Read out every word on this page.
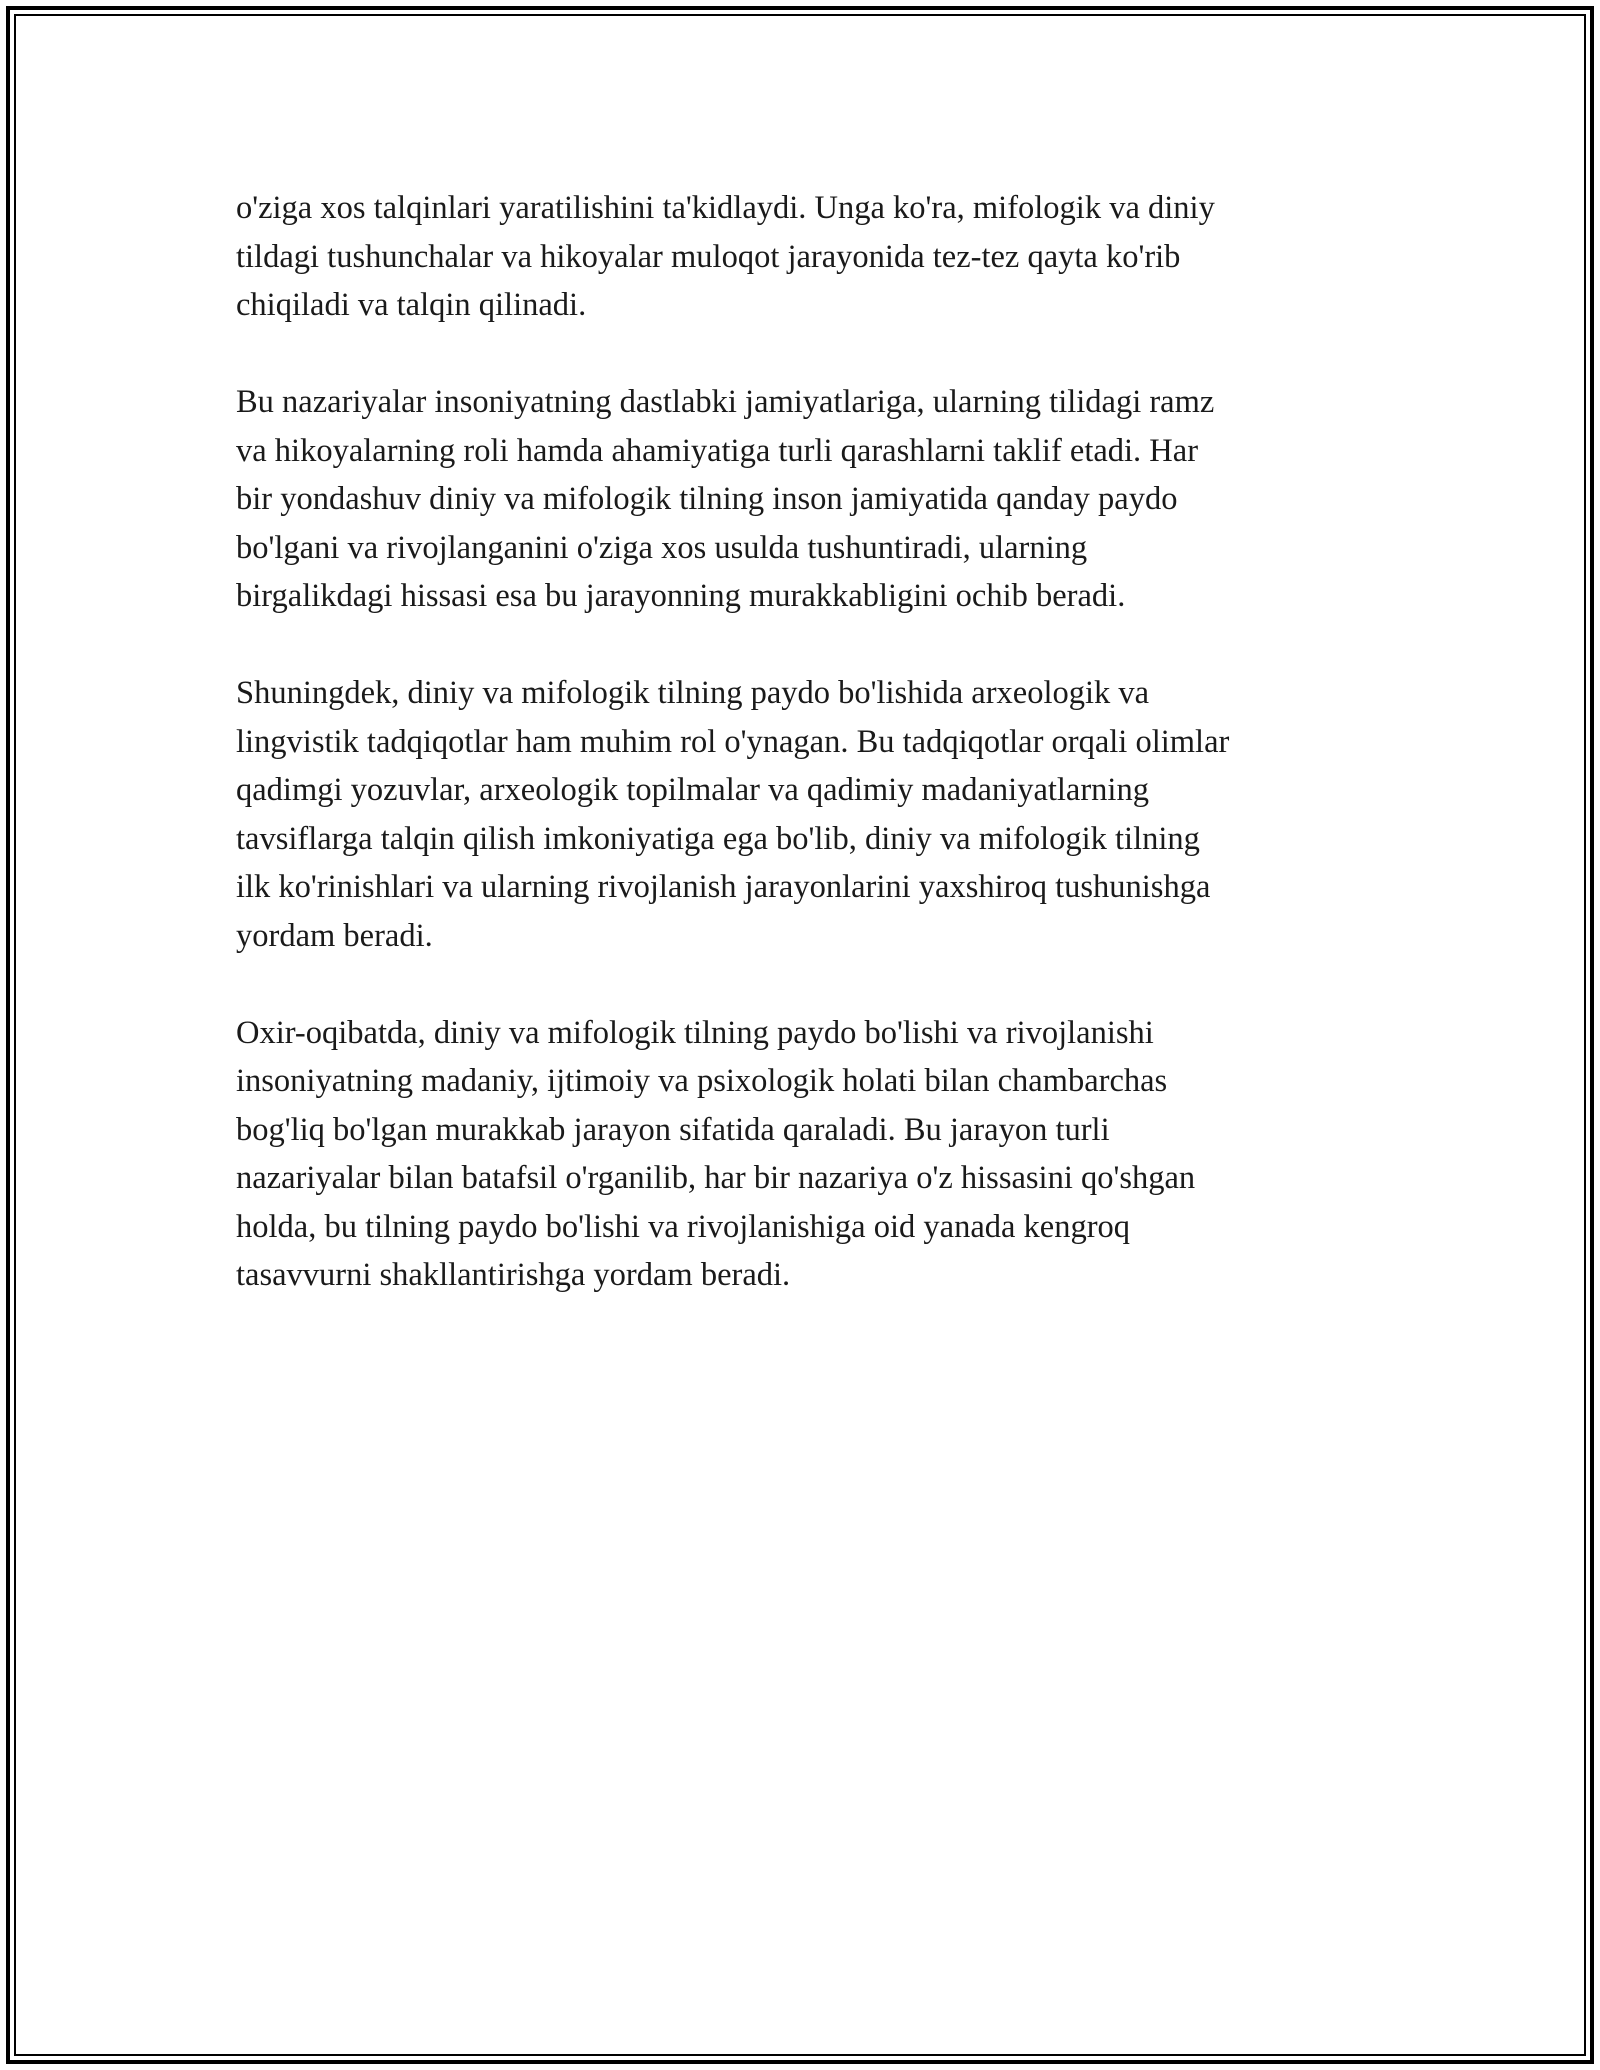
o'ziga xos talqinlari yaratilishini ta'kidlaydi. Unga ko'ra, mifologik va diniy
tildagi tushunchalar va hikoyalar muloqot jarayonida tez-tez qayta ko'rib
chiqiladi va talqin qilinadi.

Bu nazariyalar insoniyatning dastlabki jamiyatlariga, ularning tilidagi ramz
va hikoyalarning roli hamda ahamiyatiga turli qarashlarni taklif etadi. Har
bir yondashuv diniy va mifologik tilning inson jamiyatida qanday paydo
bo'lgani va rivojlanganini o'ziga xos usulda tushuntiradi, ularning
birgalikdagi hissasi esa bu jarayonning murakkabligini ochib beradi.

Shuningdek, diniy va mifologik tilning paydo bo'lishida arxeologik va
lingvistik tadqiqotlar ham muhim rol o'ynagan. Bu tadqiqotlar orqali olimlar
qadimgi yozuvlar, arxeologik topilmalar va qadimiy madaniyatlarning
tavsiflarga talqin qilish imkoniyatiga ega bo'lib, diniy va mifologik tilning
ilk ko'rinishlari va ularning rivojlanish jarayonlarini yaxshiroq tushunishga
yordam beradi.

Oxir-oqibatda, diniy va mifologik tilning paydo bo'lishi va rivojlanishi
insoniyatning madaniy, ijtimoiy va psixologik holati bilan chambarchas
bog'liq bo'lgan murakkab jarayon sifatida qaraladi. Bu jarayon turli
nazariyalar bilan batafsil o'rganilib, har bir nazariya o'z hissasini qo'shgan
holda, bu tilning paydo bo'lishi va rivojlanishiga oid yanada kengroq
tasavvurni shakllantirishga yordam beradi.
